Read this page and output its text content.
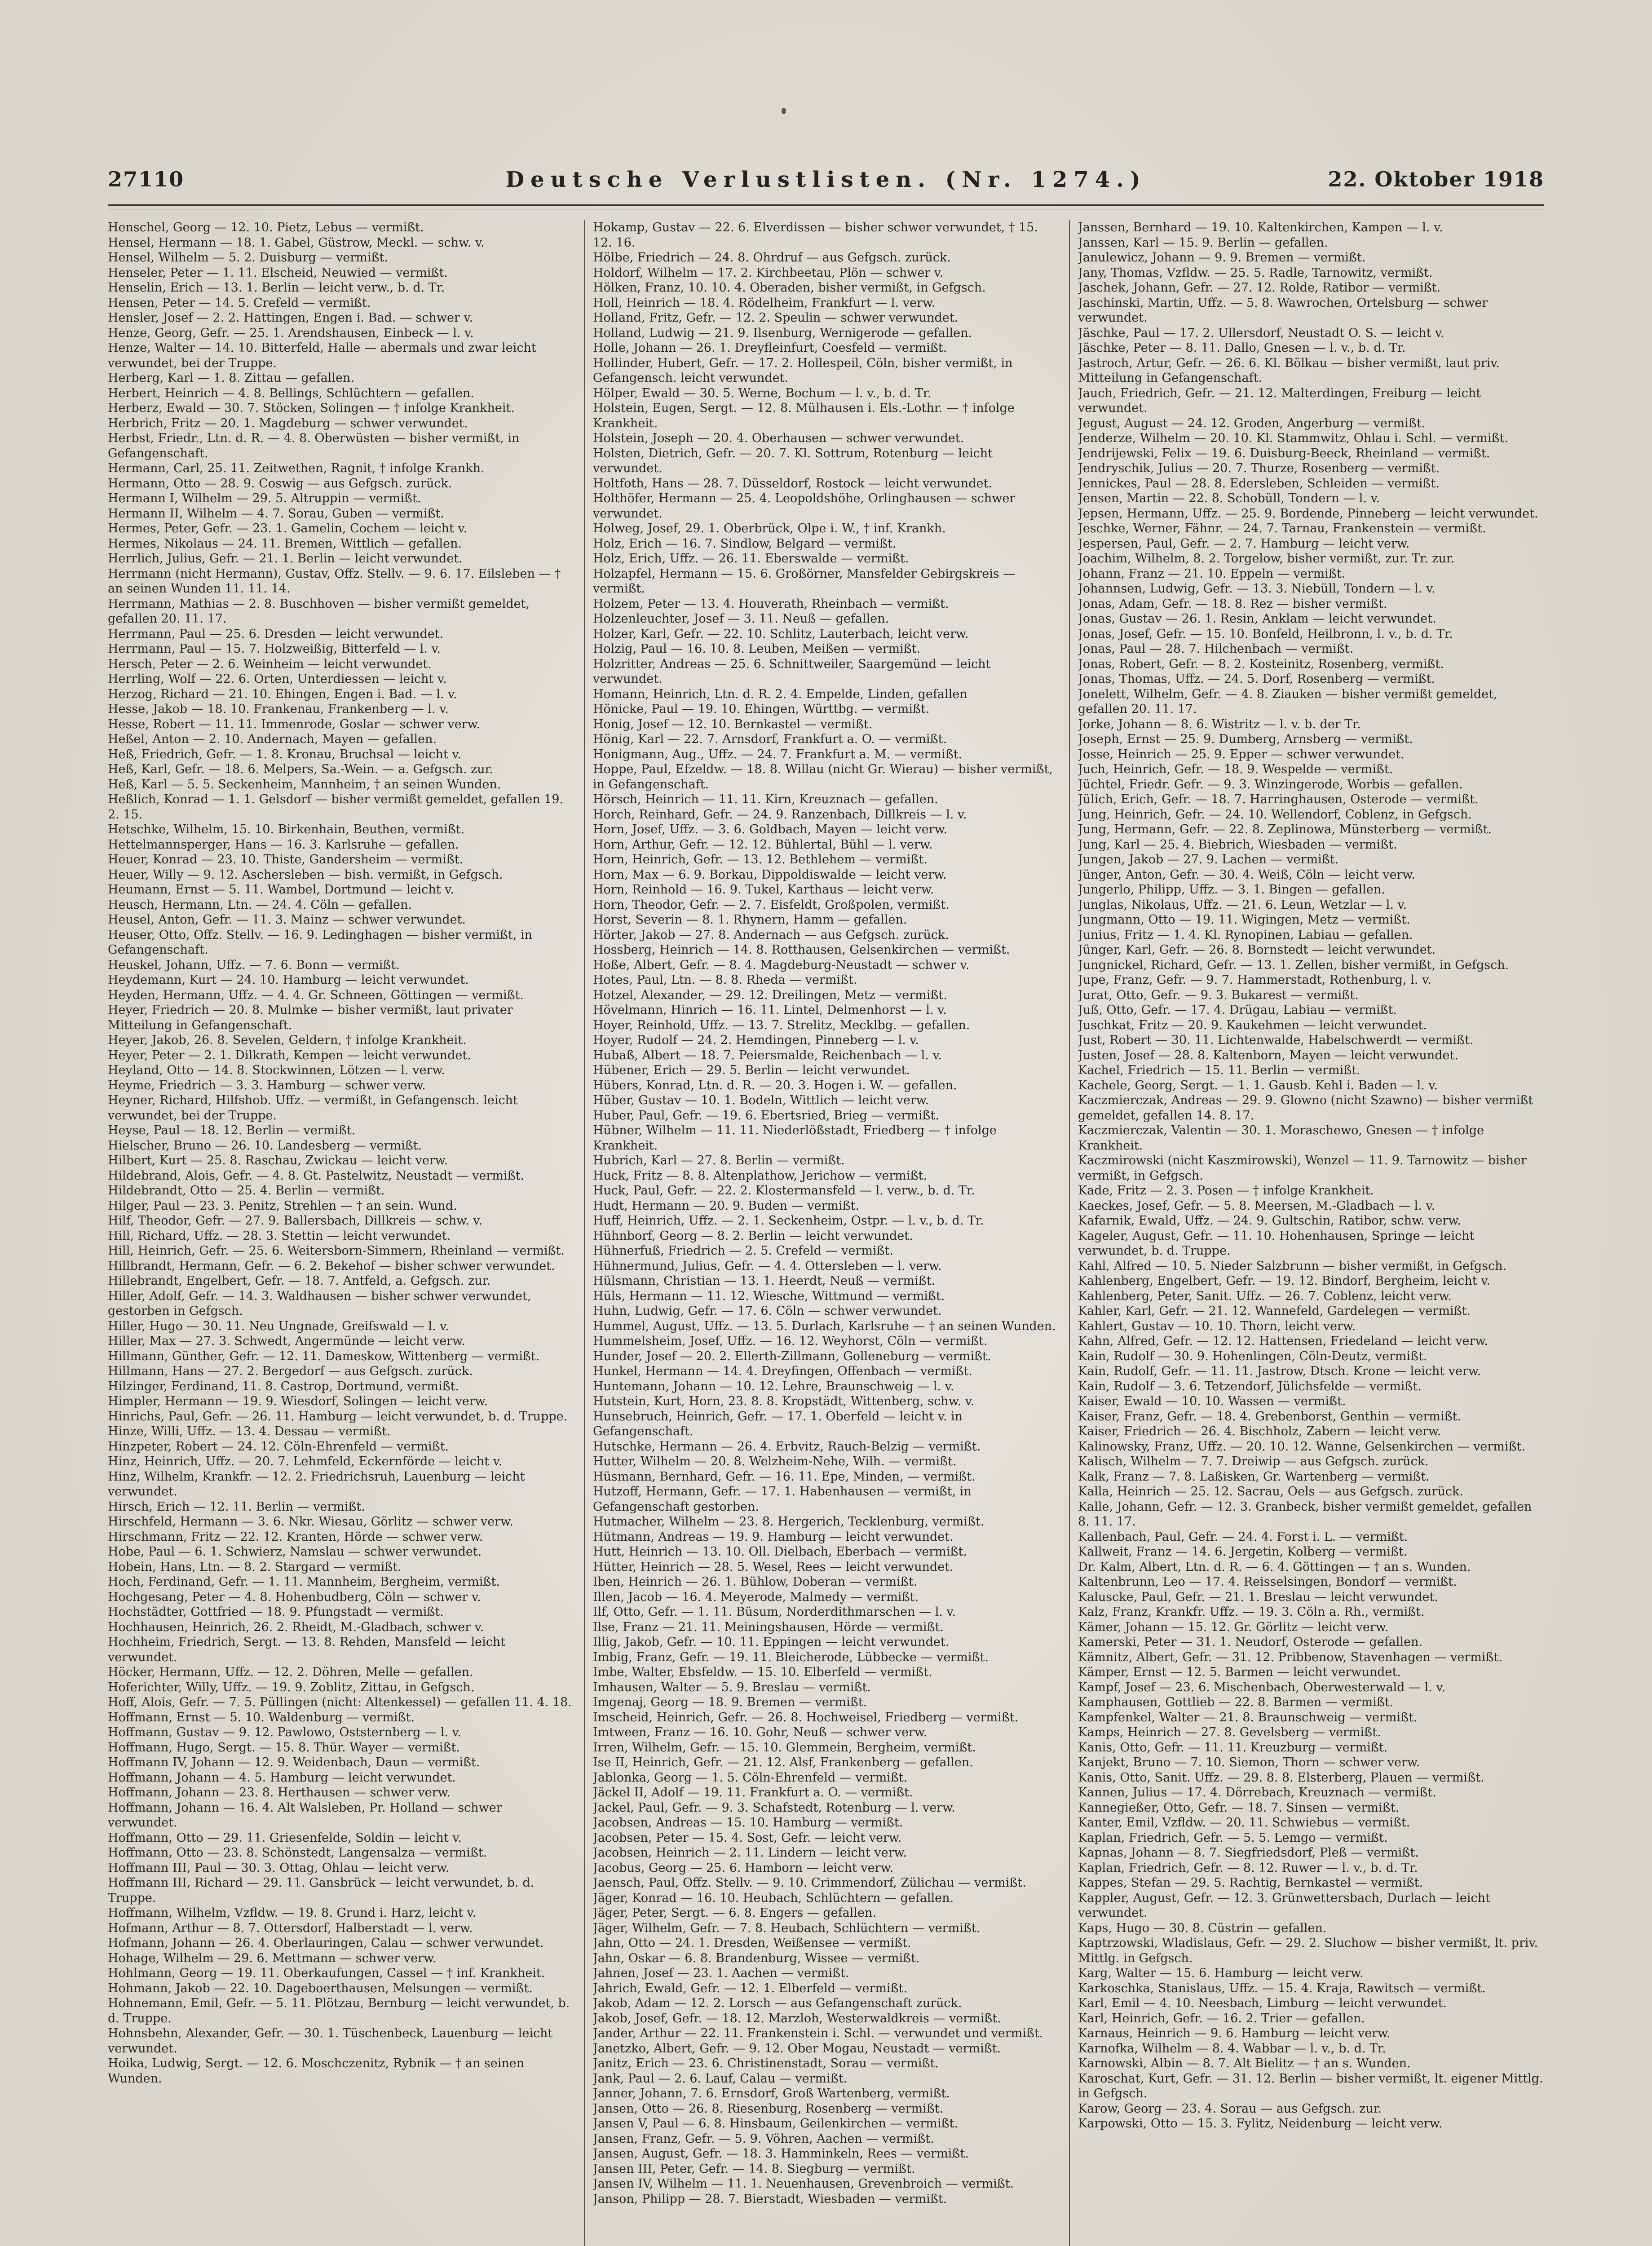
27110	Deutsche Verlustlisten. (Nr. 1274.)	22. Oktober 1918

Henschel, Georg — 12. 10. Pietz, Lebus — vermißt.

Hensel, Hermann — 18. 1. Gabel, Güstrow, Meckl. — schw. v.

Hensel, Wilhelm — 5. 2. Duisburg — vermißt.

Henseler, Peter — 1. 11. Elscheid, Neuwied — vermißt.

Henselin, Erich — 13. 1. Berlin — leicht verw., b. d. Tr.

Hensen, Peter — 14. 5. Crefeld — vermißt.

Hensler, Josef — 2. 2. Hattingen, Engen i. Bad. — schwer v.

Henze, Georg, Gefr. — 25. 1. Arendshausen, Einbeck — l. v.

Henze, Walter — 14. 10. Bitterfeld, Halle — abermals und zwar leicht verwundet, bei der Truppe.

Herberg, Karl — 1. 8. Zittau — gefallen.

Herbert, Heinrich — 4. 8. Bellings, Schlüchtern — gefallen.

Herberz, Ewald — 30. 7. Stöcken, Solingen — † infolge Krankheit.

Herbrich, Fritz — 20. 1. Magdeburg — schwer verwundet.

Herbst, Friedr., Ltn. d. R. — 4. 8. Oberwüsten — bisher vermißt, in Gefangenschaft.

Hermann, Carl, 25. 11. Zeitwethen, Ragnit, † infolge Krankh.

Hermann, Otto — 28. 9. Coswig — aus Gefgsch. zurück.

Hermann I, Wilhelm — 29. 5. Altruppin — vermißt.

Hermann II, Wilhelm — 4. 7. Sorau, Guben — vermißt.

Hermes, Peter, Gefr. — 23. 1. Gamelin, Cochem — leicht v.

Hermes, Nikolaus — 24. 11. Bremen, Wittlich — gefallen.

Herrlich, Julius, Gefr. — 21. 1. Berlin — leicht verwundet.

Herrmann (nicht Hermann), Gustav, Offz. Stellv. — 9. 6. 17. Eilsleben — † an seinen Wunden 11. 11. 14.

Herrmann, Mathias — 2. 8. Buschhoven — bisher vermißt gemeldet, gefallen 20. 11. 17.

Herrmann, Paul — 25. 6. Dresden — leicht verwundet.

Herrmann, Paul — 15. 7. Holzweißig, Bitterfeld — l. v.

Hersch, Peter — 2. 6. Weinheim — leicht verwundet.

Herrling, Wolf — 22. 6. Orten, Unterdiessen — leicht v.

Herzog, Richard — 21. 10. Ehingen, Engen i. Bad. — l. v.

Hesse, Jakob — 18. 10. Frankenau, Frankenberg — l. v.

Hesse, Robert — 11. 11. Immenrode, Goslar — schwer verw.

Heßel, Anton — 2. 10. Andernach, Mayen — gefallen.

Heß, Friedrich, Gefr. — 1. 8. Kronau, Bruchsal — leicht v.

Heß, Karl, Gefr. — 18. 6. Melpers, Sa.-Wein. — a. Gefgsch. zur.

Heß, Karl — 5. 5. Seckenheim, Mannheim, † an seinen Wunden.

Heßlich, Konrad — 1. 1. Gelsdorf — bisher vermißt gemeldet, gefallen 19. 2. 15.

Hetschke, Wilhelm, 15. 10. Birkenhain, Beuthen, vermißt.

Hettelmannsperger, Hans — 16. 3. Karlsruhe — gefallen.

Heuer, Konrad — 23. 10. Thiste, Gandersheim — vermißt.

Heuer, Willy — 9. 12. Aschersleben — bish. vermißt, in Gefgsch.

Heumann, Ernst — 5. 11. Wambel, Dortmund — leicht v.

Heusch, Hermann, Ltn. — 24. 4. Cöln — gefallen.

Heusel, Anton, Gefr. — 11. 3. Mainz — schwer verwundet.

Heuser, Otto, Offz. Stellv. — 16. 9. Ledinghagen — bisher vermißt, in Gefangenschaft.

Heuskel, Johann, Uffz. — 7. 6. Bonn — vermißt.

Heydemann, Kurt — 24. 10. Hamburg — leicht verwundet.

Heyden, Hermann, Uffz. — 4. 4. Gr. Schneen, Göttingen — vermißt.

Heyer, Friedrich — 20. 8. Mulmke — bisher vermißt, laut privater Mitteilung in Gefangenschaft.

Heyer, Jakob, 26. 8. Sevelen, Geldern, † infolge Krankheit.

Heyer, Peter — 2. 1. Dilkrath, Kempen — leicht verwundet.

Heyland, Otto — 14. 8. Stockwinnen, Lötzen — l. verw.

Heyme, Friedrich — 3. 3. Hamburg — schwer verw.

Heyner, Richard, Hilfshob. Uffz. — vermißt, in Gefangensch. leicht verwundet, bei der Truppe.

Heyse, Paul — 18. 12. Berlin — vermißt.

Hielscher, Bruno — 26. 10. Landesberg — vermißt.

Hilbert, Kurt — 25. 8. Raschau, Zwickau — leicht verw.

Hildebrand, Alois, Gefr. — 4. 8. Gt. Pastelwitz, Neustadt — vermißt.

Hildebrandt, Otto — 25. 4. Berlin — vermißt.

Hilger, Paul — 23. 3. Penitz, Strehlen — † an sein. Wund.

Hilf, Theodor, Gefr. — 27. 9. Ballersbach, Dillkreis — schw. v.

Hill, Richard, Uffz. — 28. 3. Stettin — leicht verwundet.

Hill, Heinrich, Gefr. — 25. 6. Weitersborn-Simmern, Rheinland — vermißt.

Hillbrandt, Hermann, Gefr. — 6. 2. Bekehof — bisher schwer verwundet.

Hillebrandt, Engelbert, Gefr. — 18. 7. Antfeld, a. Gefgsch. zur.

Hiller, Adolf, Gefr. — 14. 3. Waldhausen — bisher schwer verwundet, gestorben in Gefgsch.

Hiller, Hugo — 30. 11. Neu Ungnade, Greifswald — l. v.

Hiller, Max — 27. 3. Schwedt, Angermünde — leicht verw.

Hillmann, Günther, Gefr. — 12. 11. Dameskow, Wittenberg — vermißt.

Hillmann, Hans — 27. 2. Bergedorf — aus Gefgsch. zurück.

Hilzinger, Ferdinand, 11. 8. Castrop, Dortmund, vermißt.

Himpler, Hermann — 19. 9. Wiesdorf, Solingen — leicht verw.

Hinrichs, Paul, Gefr. — 26. 11. Hamburg — leicht verwundet, b. d. Truppe.

Hinze, Willi, Uffz. — 13. 4. Dessau — vermißt.

Hinzpeter, Robert — 24. 12. Cöln-Ehrenfeld — vermißt.

Hinz, Heinrich, Uffz. — 20. 7. Lehmfeld, Eckernförde — leicht v.

Hinz, Wilhelm, Krankfr. — 12. 2. Friedrichsruh, Lauenburg — leicht verwundet.

Hirsch, Erich — 12. 11. Berlin — vermißt.

Hirschfeld, Hermann — 3. 6. Nkr. Wiesau, Görlitz — schwer verw.

Hirschmann, Fritz — 22. 12. Kranten, Hörde — schwer verw.

Hobe, Paul — 6. 1. Schwierz, Namslau — schwer verwundet.

Hobein, Hans, Ltn. — 8. 2. Stargard — vermißt.

Hoch, Ferdinand, Gefr. — 1. 11. Mannheim, Bergheim, vermißt.

Hochgesang, Peter — 4. 8. Hohenbudberg, Cöln — schwer v.

Hochstädter, Gottfried — 18. 9. Pfungstadt — vermißt.

Hochhausen, Heinrich, 26. 2. Rheidt, M.-Gladbach, schwer v.

Hochheim, Friedrich, Sergt. — 13. 8. Rehden, Mansfeld — leicht verwundet.

Höcker, Hermann, Uffz. — 12. 2. Döhren, Melle — gefallen.

Hoferichter, Willy, Uffz. — 19. 9. Zoblitz, Zittau, in Gefgsch.

Hoff, Alois, Gefr. — 7. 5. Püllingen (nicht: Altenkessel) — gefallen 11. 4. 18.

Hoffmann, Ernst — 5. 10. Waldenburg — vermißt.

Hoffmann, Gustav — 9. 12. Pawlowo, Oststernberg — l. v.

Hoffmann, Hugo, Sergt. — 15. 8. Thür. Wayer — vermißt.

Hoffmann IV, Johann — 12. 9. Weidenbach, Daun — vermißt.

Hoffmann, Johann — 4. 5. Hamburg — leicht verwundet.

Hoffmann, Johann — 23. 8. Herthausen — schwer verw.

Hoffmann, Johann — 16. 4. Alt Walsleben, Pr. Holland — schwer verwundet.

Hoffmann, Otto — 29. 11. Griesenfelde, Soldin — leicht v.

Hoffmann, Otto — 23. 8. Schönstedt, Langensalza — vermißt.

Hoffmann III, Paul — 30. 3. Ottag, Ohlau — leicht verw.

Hoffmann III, Richard — 29. 11. Gansbrück — leicht verwundet, b. d. Truppe.

Hoffmann, Wilhelm, Vzfldw. — 19. 8. Grund i. Harz, leicht v.

Hofmann, Arthur — 8. 7. Ottersdorf, Halberstadt — l. verw.

Hofmann, Johann — 26. 4. Oberlauringen, Calau — schwer verwundet.

Hohage, Wilhelm — 29. 6. Mettmann — schwer verw.

Hohlmann, Georg — 19. 11. Oberkaufungen, Cassel — † inf. Krankheit.

Hohmann, Jakob — 22. 10. Dageboerthausen, Melsungen — vermißt.

Hohnemann, Emil, Gefr. — 5. 11. Plötzau, Bernburg — leicht verwundet, b. d. Truppe.

Hohnsbehn, Alexander, Gefr. — 30. 1. Tüschenbeck, Lauenburg — leicht verwundet.

Hoika, Ludwig, Sergt. — 12. 6. Moschczenitz, Rybnik — † an seinen Wunden.

Hokamp, Gustav — 22. 6. Elverdissen — bisher schwer verwundet, † 15. 12. 16.

Hölbe, Friedrich — 24. 8. Ohrdruf — aus Gefgsch. zurück.

Holdorf, Wilhelm — 17. 2. Kirchbeetau, Plön — schwer v.

Hölken, Franz, 10. 10. 4. Oberaden, bisher vermißt, in Gefgsch.

Holl, Heinrich — 18. 4. Rödelheim, Frankfurt — l. verw.

Holland, Fritz, Gefr. — 12. 2. Speulin — schwer verwundet.

Holland, Ludwig — 21. 9. Ilsenburg, Wernigerode — gefallen.

Holle, Johann — 26. 1. Dreyfleinfurt, Coesfeld — vermißt.

Hollinder, Hubert, Gefr. — 17. 2. Hollespeil, Cöln, bisher vermißt, in Gefangensch. leicht verwundet.

Hölper, Ewald — 30. 5. Werne, Bochum — l. v., b. d. Tr.

Holstein, Eugen, Sergt. — 12. 8. Mülhausen i. Els.-Lothr. — † infolge Krankheit.

Holstein, Joseph — 20. 4. Oberhausen — schwer verwundet.

Holsten, Dietrich, Gefr. — 20. 7. Kl. Sottrum, Rotenburg — leicht verwundet.

Holtfoth, Hans — 28. 7. Düsseldorf, Rostock — leicht verwundet.

Holthöfer, Hermann — 25. 4. Leopoldshöhe, Orlinghausen — schwer verwundet.

Holweg, Josef, 29. 1. Oberbrück, Olpe i. W., † inf. Krankh.

Holz, Erich — 16. 7. Sindlow, Belgard — vermißt.

Holz, Erich, Uffz. — 26. 11. Eberswalde — vermißt.

Holzapfel, Hermann — 15. 6. Großörner, Mansfelder Gebirgskreis — vermißt.

Holzem, Peter — 13. 4. Houverath, Rheinbach — vermißt.

Holzenleuchter, Josef — 3. 11. Neuß — gefallen.

Holzer, Karl, Gefr. — 22. 10. Schlitz, Lauterbach, leicht verw.

Holzig, Paul — 16. 10. 8. Leuben, Meißen — vermißt.

Holzritter, Andreas — 25. 6. Schnittweiler, Saargemünd — leicht verwundet.

Homann, Heinrich, Ltn. d. R. 2. 4. Empelde, Linden, gefallen

Hönicke, Paul — 19. 10. Ehingen, Württbg. — vermißt.

Honig, Josef — 12. 10. Bernkastel — vermißt.

Hönig, Karl — 22. 7. Arnsdorf, Frankfurt a. O. — vermißt.

Honigmann, Aug., Uffz. — 24. 7. Frankfurt a. M. — vermißt.

Hoppe, Paul, Efzeldw. — 18. 8. Willau (nicht Gr. Wierau) — bisher vermißt, in Gefangenschaft.

Hörsch, Heinrich — 11. 11. Kirn, Kreuznach — gefallen.

Horch, Reinhard, Gefr. — 24. 9. Ranzenbach, Dillkreis — l. v.

Horn, Josef, Uffz. — 3. 6. Goldbach, Mayen — leicht verw.

Horn, Arthur, Gefr. — 12. 12. Bühlertal, Bühl — l. verw.

Horn, Heinrich, Gefr. — 13. 12. Bethlehem — vermißt.

Horn, Max — 6. 9. Borkau, Dippoldiswalde — leicht verw.

Horn, Reinhold — 16. 9. Tukel, Karthaus — leicht verw.

Horn, Theodor, Gefr. — 2. 7. Eisfeldt, Großpolen, vermißt.

Horst, Severin — 8. 1. Rhynern, Hamm — gefallen.

Hörter, Jakob — 27. 8. Andernach — aus Gefgsch. zurück.

Hossberg, Heinrich — 14. 8. Rotthausen, Gelsenkirchen — vermißt.

Hoße, Albert, Gefr. — 8. 4. Magdeburg-Neustadt — schwer v.

Hotes, Paul, Ltn. — 8. 8. Rheda — vermißt.

Hotzel, Alexander, — 29. 12. Dreilingen, Metz — vermißt.

Hövelmann, Hinrich — 16. 11. Lintel, Delmenhorst — l. v.

Hoyer, Reinhold, Uffz. — 13. 7. Strelitz, Mecklbg. — gefallen.

Hoyer, Rudolf — 24. 2. Hemdingen, Pinneberg — l. v.

Hubaß, Albert — 18. 7. Peiersmalde, Reichenbach — l. v.

Hübener, Erich — 29. 5. Berlin — leicht verwundet.

Hübers, Konrad, Ltn. d. R. — 20. 3. Hogen i. W. — gefallen.

Hüber, Gustav — 10. 1. Bodeln, Wittlich — leicht verw.

Huber, Paul, Gefr. — 19. 6. Ebertsried, Brieg — vermißt.

Hübner, Wilhelm — 11. 11. Niederlößstadt, Friedberg — † infolge Krankheit.

Hubrich, Karl — 27. 8. Berlin — vermißt.

Huck, Fritz — 8. 8. Altenplathow, Jerichow — vermißt.

Huck, Paul, Gefr. — 22. 2. Klostermansfeld — l. verw., b. d. Tr.

Hudt, Hermann — 20. 9. Buden — vermißt.

Huff, Heinrich, Uffz. — 2. 1. Seckenheim, Ostpr. — l. v., b. d. Tr.

Hühnborf, Georg — 8. 2. Berlin — leicht verwundet.

Hühnerfuß, Friedrich — 2. 5. Crefeld — vermißt.

Hühnermund, Julius, Gefr. — 4. 4. Ottersleben — l. verw.

Hülsmann, Christian — 13. 1. Heerdt, Neuß — vermißt.

Hüls, Hermann — 11. 12. Wiesche, Wittmund — vermißt.

Huhn, Ludwig, Gefr. — 17. 6. Cöln — schwer verwundet.

Hummel, August, Uffz. — 13. 5. Durlach, Karlsruhe — † an seinen Wunden.

Hummelsheim, Josef, Uffz. — 16. 12. Weyhorst, Cöln — vermißt.

Hunder, Josef — 20. 2. Ellerth-Zillmann, Golleneburg — vermißt.

Hunkel, Hermann — 14. 4. Dreyfingen, Offenbach — vermißt.

Huntemann, Johann — 10. 12. Lehre, Braunschweig — l. v.

Hutstein, Kurt, Horn, 23. 8. 8. Kropstädt, Wittenberg, schw. v.

Hunsebruch, Heinrich, Gefr. — 17. 1. Oberfeld — leicht v. in Gefangenschaft.

Hutschke, Hermann — 26. 4. Erbvitz, Rauch-Belzig — vermißt.

Hutter, Wilhelm — 20. 8. Welzheim-Nehe, Wilh. — vermißt.

Hüsmann, Bernhard, Gefr. — 16. 11. Epe, Minden, — vermißt.

Hutzoff, Hermann, Gefr. — 17. 1. Habenhausen — vermißt, in Gefangenschaft gestorben.

Hutmacher, Wilhelm — 23. 8. Hergerich, Tecklenburg, vermißt.

Hütmann, Andreas — 19. 9. Hamburg — leicht verwundet.

Hutt, Heinrich — 13. 10. Oll. Dielbach, Eberbach — vermißt.

Hütter, Heinrich — 28. 5. Wesel, Rees — leicht verwundet.

Iben, Heinrich — 26. 1. Bühlow, Doberan — vermißt.

Illen, Jacob — 16. 4. Meyerode, Malmedy — vermißt.

Ilf, Otto, Gefr. — 1. 11. Büsum, Norderdithmarschen — l. v.

Ilse, Franz — 21. 11. Meiningshausen, Hörde — vermißt.

Illig, Jakob, Gefr. — 10. 11. Eppingen — leicht verwundet.

Imbig, Franz, Gefr. — 19. 11. Bleicherode, Lübbecke — vermißt.

Imbe, Walter, Ebsfeldw. — 15. 10. Elberfeld — vermißt.

Imhausen, Walter — 5. 9. Breslau — vermißt.

Imgenaj, Georg — 18. 9. Bremen — vermißt.

Imscheid, Heinrich, Gefr. — 26. 8. Hochweisel, Friedberg — vermißt.

Imtween, Franz — 16. 10. Gohr, Neuß — schwer verw.

Irren, Wilhelm, Gefr. — 15. 10. Glemmein, Bergheim, vermißt.

Ise II, Heinrich, Gefr. — 21. 12. Alsf, Frankenberg — gefallen.

Jablonka, Georg — 1. 5. Cöln-Ehrenfeld — vermißt.

Jäckel II, Adolf — 19. 11. Frankfurt a. O. — vermißt.

Jackel, Paul, Gefr. — 9. 3. Schafstedt, Rotenburg — l. verw.

Jacobsen, Andreas — 15. 10. Hamburg — vermißt.

Jacobsen, Peter — 15. 4. Sost, Gefr. — leicht verw.

Jacobsen, Heinrich — 2. 11. Lindern — leicht verw.

Jacobus, Georg — 25. 6. Hamborn — leicht verw.

Jaensch, Paul, Offz. Stellv. — 9. 10. Crimmendorf, Zülichau — vermißt.

Jäger, Konrad — 16. 10. Heubach, Schlüchtern — gefallen.

Jäger, Peter, Sergt. — 6. 8. Engers — gefallen.

Jäger, Wilhelm, Gefr. — 7. 8. Heubach, Schlüchtern — vermißt.

Jahn, Otto — 24. 1. Dresden, Weißensee — vermißt.

Jahn, Oskar — 6. 8. Brandenburg, Wissee — vermißt.

Jahnen, Josef — 23. 1. Aachen — vermißt.

Jahrich, Ewald, Gefr. — 12. 1. Elberfeld — vermißt.

Jakob, Adam — 12. 2. Lorsch — aus Gefangenschaft zurück.

Jakob, Josef, Gefr. — 18. 12. Marzloh, Westerwaldkreis — vermißt.

Jander, Arthur — 22. 11. Frankenstein i. Schl. — verwundet und vermißt.

Janetzko, Albert, Gefr. — 9. 12. Ober Mogau, Neustadt — vermißt.

Janitz, Erich — 23. 6. Christinenstadt, Sorau — vermißt.

Jank, Paul — 2. 6. Lauf, Calau — vermißt.

Janner, Johann, 7. 6. Ernsdorf, Groß Wartenberg, vermißt.

Jansen, Otto — 26. 8. Riesenburg, Rosenberg — vermißt.

Jansen V, Paul — 6. 8. Hinsbaum, Geilenkirchen — vermißt.

Jansen, Franz, Gefr. — 5. 9. Vöhren, Aachen — vermißt.

Jansen, August, Gefr. — 18. 3. Hamminkeln, Rees — vermißt.

Jansen III, Peter, Gefr. — 14. 8. Siegburg — vermißt.

Jansen IV, Wilhelm — 11. 1. Neuenhausen, Grevenbroich — vermißt.

Janson, Philipp — 28. 7. Bierstadt, Wiesbaden — vermißt.

Janssen, Bernhard — 19. 10. Kaltenkirchen, Kampen — l. v.

Janssen, Karl — 15. 9. Berlin — gefallen.

Janulewicz, Johann — 9. 9. Bremen — vermißt.

Jany, Thomas, Vzfldw. — 25. 5. Radle, Tarnowitz, vermißt.

Jaschek, Johann, Gefr. — 27. 12. Rolde, Ratibor — vermißt.

Jaschinski, Martin, Uffz. — 5. 8. Wawrochen, Ortelsburg — schwer verwundet.

Jäschke, Paul — 17. 2. Ullersdorf, Neustadt O. S. — leicht v.

Jäschke, Peter — 8. 11. Dallo, Gnesen — l. v., b. d. Tr.

Jastroch, Artur, Gefr. — 26. 6. Kl. Bölkau — bisher vermißt, laut priv. Mitteilung in Gefangenschaft.

Jauch, Friedrich, Gefr. — 21. 12. Malterdingen, Freiburg — leicht verwundet.

Jegust, August — 24. 12. Groden, Angerburg — vermißt.

Jenderze, Wilhelm — 20. 10. Kl. Stammwitz, Ohlau i. Schl. — vermißt.

Jendrijewski, Felix — 19. 6. Duisburg-Beeck, Rheinland — vermißt.

Jendryschik, Julius — 20. 7. Thurze, Rosenberg — vermißt.

Jennickes, Paul — 28. 8. Edersleben, Schleiden — vermißt.

Jensen, Martin — 22. 8. Schobüll, Tondern — l. v.

Jepsen, Hermann, Uffz. — 25. 9. Bordende, Pinneberg — leicht verwundet.

Jeschke, Werner, Fähnr. — 24. 7. Tarnau, Frankenstein — vermißt.

Jespersen, Paul, Gefr. — 2. 7. Hamburg — leicht verw.

Joachim, Wilhelm, 8. 2. Torgelow, bisher vermißt, zur. Tr. zur.

Johann, Franz — 21. 10. Eppeln — vermißt.

Johannsen, Ludwig, Gefr. — 13. 3. Niebüll, Tondern — l. v.

Jonas, Adam, Gefr. — 18. 8. Rez — bisher vermißt.

Jonas, Gustav — 26. 1. Resin, Anklam — leicht verwundet.

Jonas, Josef, Gefr. — 15. 10. Bonfeld, Heilbronn, l. v., b. d. Tr.

Jonas, Paul — 28. 7. Hilchenbach — vermißt.

Jonas, Robert, Gefr. — 8. 2. Kosteinitz, Rosenberg, vermißt.

Jonas, Thomas, Uffz. — 24. 5. Dorf, Rosenberg — vermißt.

Jonelett, Wilhelm, Gefr. — 4. 8. Ziauken — bisher vermißt gemeldet, gefallen 20. 11. 17.

Jorke, Johann — 8. 6. Wistritz — l. v. b. der Tr.

Joseph, Ernst — 25. 9. Dumberg, Arnsberg — vermißt.

Josse, Heinrich — 25. 9. Epper — schwer verwundet.

Juch, Heinrich, Gefr. — 18. 9. Wespelde — vermißt.

Jüchtel, Friedr. Gefr. — 9. 3. Winzingerode, Worbis — gefallen.

Jülich, Erich, Gefr. — 18. 7. Harringhausen, Osterode — vermißt.

Jung, Heinrich, Gefr. — 24. 10. Wellendorf, Coblenz, in Gefgsch.

Jung, Hermann, Gefr. — 22. 8. Zeplinowa, Münsterberg — vermißt.

Jung, Karl — 25. 4. Biebrich, Wiesbaden — vermißt.

Jungen, Jakob — 27. 9. Lachen — vermißt.

Jünger, Anton, Gefr. — 30. 4. Weiß, Cöln — leicht verw.

Jungerlo, Philipp, Uffz. — 3. 1. Bingen — gefallen.

Junglas, Nikolaus, Uffz. — 21. 6. Leun, Wetzlar — l. v.

Jungmann, Otto — 19. 11. Wigingen, Metz — vermißt.

Junius, Fritz — 1. 4. Kl. Rynopinen, Labiau — gefallen.

Jünger, Karl, Gefr. — 26. 8. Bornstedt — leicht verwundet.

Jungnickel, Richard, Gefr. — 13. 1. Zellen, bisher vermißt, in Gefgsch.

Jupe, Franz, Gefr. — 9. 7. Hammerstadt, Rothenburg, l. v.

Jurat, Otto, Gefr. — 9. 3. Bukarest — vermißt.

Juß, Otto, Gefr. — 17. 4. Drügau, Labiau — vermißt.

Juschkat, Fritz — 20. 9. Kaukehmen — leicht verwundet.

Just, Robert — 30. 11. Lichtenwalde, Habelschwerdt — vermißt.

Justen, Josef — 28. 8. Kaltenborn, Mayen — leicht verwundet.

Kachel, Friedrich — 15. 11. Berlin — vermißt.

Kachele, Georg, Sergt. — 1. 1. Gausb. Kehl i. Baden — l. v.

Kaczmierczak, Andreas — 29. 9. Glowno (nicht Szawno) — bisher vermißt gemeldet, gefallen 14. 8. 17.

Kaczmierczak, Valentin — 30. 1. Moraschewo, Gnesen — † infolge Krankheit.

Kaczmirowski (nicht Kaszmirowski), Wenzel — 11. 9. Tarnowitz — bisher vermißt, in Gefgsch.

Kade, Fritz — 2. 3. Posen — † infolge Krankheit.

Kaeckes, Josef, Gefr. — 5. 8. Meersen, M.-Gladbach — l. v.

Kafarnik, Ewald, Uffz. — 24. 9. Gultschin, Ratibor, schw. verw.

Kageler, August, Gefr. — 11. 10. Hohenhausen, Springe — leicht verwundet, b. d. Truppe.

Kahl, Alfred — 10. 5. Nieder Salzbrunn — bisher vermißt, in Gefgsch.

Kahlenberg, Engelbert, Gefr. — 19. 12. Bindorf, Bergheim, leicht v.

Kahlenberg, Peter, Sanit. Uffz. — 26. 7. Coblenz, leicht verw.

Kahler, Karl, Gefr. — 21. 12. Wannefeld, Gardelegen — vermißt.

Kahlert, Gustav — 10. 10. Thorn, leicht verw.

Kahn, Alfred, Gefr. — 12. 12. Hattensen, Friedeland — leicht verw.

Kain, Rudolf — 30. 9. Hohenlingen, Cöln-Deutz, vermißt.

Kain, Rudolf, Gefr. — 11. 11. Jastrow, Dtsch. Krone — leicht verw.

Kain, Rudolf — 3. 6. Tetzendorf, Jülichsfelde — vermißt.

Kaiser, Ewald — 10. 10. Wassen — vermißt.

Kaiser, Franz, Gefr. — 18. 4. Grebenborst, Genthin — vermißt.

Kaiser, Friedrich — 26. 4. Bischholz, Zabern — leicht verw.

Kalinowsky, Franz, Uffz. — 20. 10. 12. Wanne, Gelsenkirchen — vermißt.

Kalisch, Wilhelm — 7. 7. Dreiwip — aus Gefgsch. zurück.

Kalk, Franz — 7. 8. Laßisken, Gr. Wartenberg — vermißt.

Kalla, Heinrich — 25. 12. Sacrau, Oels — aus Gefgsch. zurück.

Kalle, Johann, Gefr. — 12. 3. Granbeck, bisher vermißt gemeldet, gefallen 8. 11. 17.

Kallenbach, Paul, Gefr. — 24. 4. Forst i. L. — vermißt.

Kallweit, Franz — 14. 6. Jergetin, Kolberg — vermißt.

Dr. Kalm, Albert, Ltn. d. R. — 6. 4. Göttingen — † an s. Wunden.

Kaltenbrunn, Leo — 17. 4. Reisselsingen, Bondorf — vermißt.

Kaluscke, Paul, Gefr. — 21. 1. Breslau — leicht verwundet.

Kalz, Franz, Krankfr. Uffz. — 19. 3. Cöln a. Rh., vermißt.

Kämer, Johann — 15. 12. Gr. Görlitz — leicht verw.

Kamerski, Peter — 31. 1. Neudorf, Osterode — gefallen.

Kämnitz, Albert, Gefr. — 31. 12. Pribbenow, Stavenhagen — vermißt.

Kämper, Ernst — 12. 5. Barmen — leicht verwundet.

Kampf, Josef — 23. 6. Mischenbach, Oberwesterwald — l. v.

Kamphausen, Gottlieb — 22. 8. Barmen — vermißt.

Kampfenkel, Walter — 21. 8. Braunschweig — vermißt.

Kamps, Heinrich — 27. 8. Gevelsberg — vermißt.

Kanis, Otto, Gefr. — 11. 11. Kreuzburg — vermißt.

Kanjekt, Bruno — 7. 10. Siemon, Thorn — schwer verw.

Kanis, Otto, Sanit. Uffz. — 29. 8. 8. Elsterberg, Plauen — vermißt.

Kannen, Julius — 17. 4. Dörrebach, Kreuznach — vermißt.

Kannegießer, Otto, Gefr. — 18. 7. Sinsen — vermißt.

Kanter, Emil, Vzfldw. — 20. 11. Schwiebus — vermißt.

Kaplan, Friedrich, Gefr. — 5. 5. Lemgo — vermißt.

Kapnas, Johann — 8. 7. Siegfriedsdorf, Pleß — vermißt.

Kaplan, Friedrich, Gefr. — 8. 12. Ruwer — l. v., b. d. Tr.

Kappes, Stefan — 29. 5. Rachtig, Bernkastel — vermißt.

Kappler, August, Gefr. — 12. 3. Grünwettersbach, Durlach — leicht verwundet.

Kaps, Hugo — 30. 8. Cüstrin — gefallen.

Kaptrzowski, Wladislaus, Gefr. — 29. 2. Sluchow — bisher vermißt, lt. priv. Mittlg. in Gefgsch.

Karg, Walter — 15. 6. Hamburg — leicht verw.

Karkoschka, Stanislaus, Uffz. — 15. 4. Kraja, Rawitsch — vermißt.

Karl, Emil — 4. 10. Neesbach, Limburg — leicht verwundet.

Karl, Heinrich, Gefr. — 16. 2. Trier — gefallen.

Karnaus, Heinrich — 9. 6. Hamburg — leicht verw.

Karnofka, Wilhelm — 8. 4. Wabbar — l. v., b. d. Tr.

Karnowski, Albin — 8. 7. Alt Bielitz — † an s. Wunden.

Karoschat, Kurt, Gefr. — 31. 12. Berlin — bisher vermißt, lt. eigener Mittlg. in Gefgsch.

Karow, Georg — 23. 4. Sorau — aus Gefgsch. zur.

Karpowski, Otto — 15. 3. Fylitz, Neidenburg — leicht verw.
